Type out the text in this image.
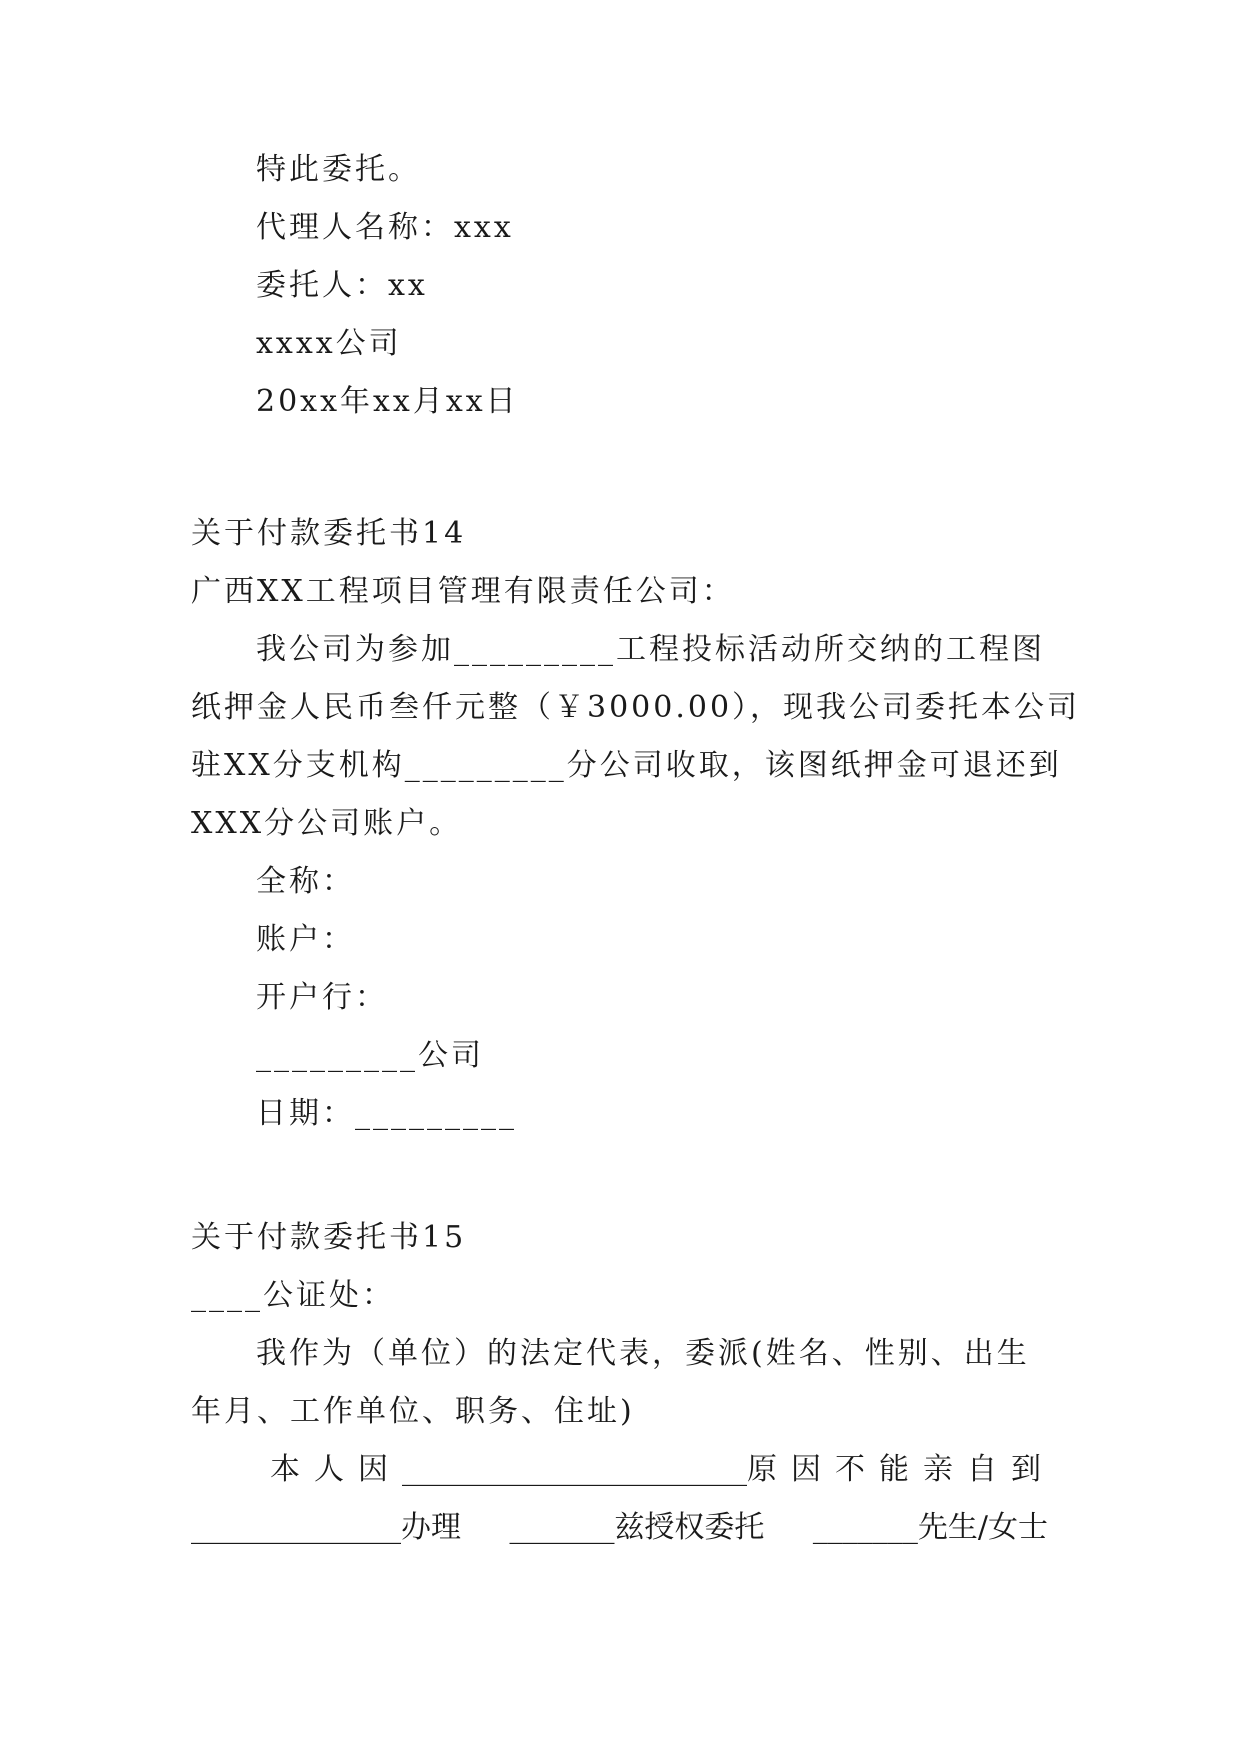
特此委托。
代理人名称：xxx
委托人：xx
xxxx公司
20xx年xx月xx日
关于付款委托书14
广西XX工程项目管理有限责任公司：
我公司为参加_________工程投标活动所交纳的工程图
纸押金人民币叁仟元整（￥3000.00），现我公司委托本公司
驻XX分支机构_________分公司收取，该图纸押金可退还到
XXX分公司账户。
全称：
账户：
开户行：
_________公司
日期：_________
关于付款委托书15
____公证处：
我作为（单位）的法定代表，委派(姓名、性别、出生
年月、工作单位、职务、住址)
本人因 _______________________ 原因不能亲自到
______________办理 _______兹授权委托 _______先生/女士
